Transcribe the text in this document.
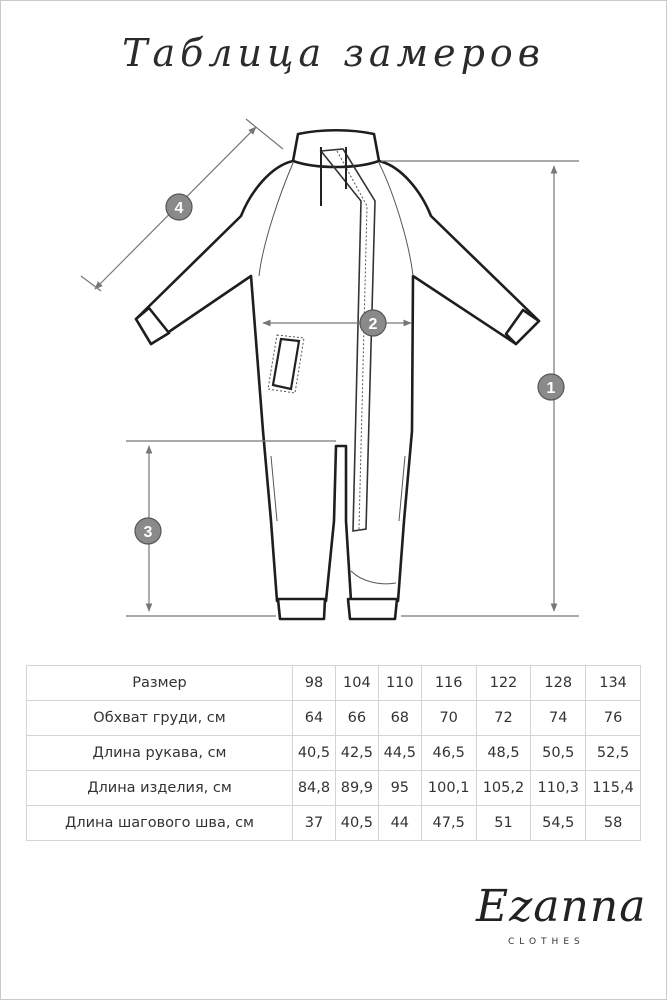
Таблица замеров
1
2
3
4
Размер	98	104	110	116	122	128	134
Обхват груди, см	64	66	68	70	72	74	76
Длина рукава, см	40,5	42,5	44,5	46,5	48,5	50,5	52,5
Длина изделия, см	84,8	89,9	95	100,1	105,2	110,3	115,4
Длина шагового шва, см	37	40,5	44	47,5	51	54,5	58
Ezanna
CLOTHES
